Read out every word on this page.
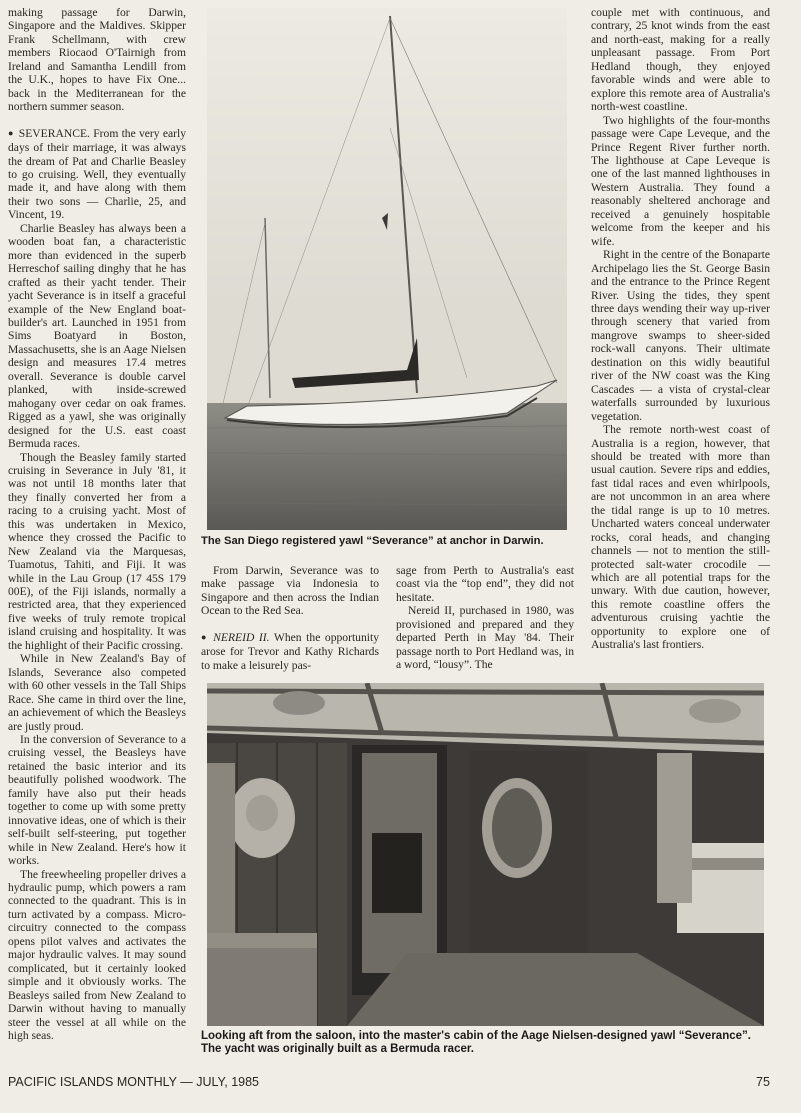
making passage for Darwin, Singapore and the Maldives. Skipper Frank Schellmann, with crew members Riocaod O'Tairnigh from Ireland and Samantha Lendill from the U.K., hopes to have Fix One... back in the Mediterranean for the northern summer season.

● SEVERANCE. From the very early days of their marriage, it was always the dream of Pat and Charlie Beasley to go cruising. Well, they eventually made it, and have along with them their two sons — Charlie, 25, and Vincent, 19.

Charlie Beasley has always been a wooden boat fan, a characteristic more than evidenced in the superb Herreschof sailing dinghy that he has crafted as their yacht tender. Their yacht Severance is in itself a graceful example of the New England boat-builder's art. Launched in 1951 from Sims Boatyard in Boston, Massachusetts, she is an Aage Nielsen design and measures 17.4 metres overall. Severance is double carvel planked, with inside-screwed mahogany over cedar on oak frames. Rigged as a yawl, she was originally designed for the U.S. east coast Bermuda races.

Though the Beasley family started cruising in Severance in July '81, it was not until 18 months later that they finally converted her from a racing to a cruising yacht. Most of this was undertaken in Mexico, whence they crossed the Pacific to New Zealand via the Marquesas, Tuamotus, Tahiti, and Fiji. It was while in the Lau Group (17 45S 179 00E), of the Fiji islands, normally a restricted area, that they experienced five weeks of truly remote tropical island cruising and hospitality. It was the highlight of their Pacific crossing.

While in New Zealand's Bay of Islands, Severance also competed with 60 other vessels in the Tall Ships Race. She came in third over the line, an achievement of which the Beasleys are justly proud.

In the conversion of Severance to a cruising vessel, the Beasleys have retained the basic interior and its beautifully polished woodwork. The family have also put their heads together to come up with some pretty innovative ideas, one of which is their self-built self-steering, put together while in New Zealand. Here's how it works.

The freewheeling propeller drives a hydraulic pump, which powers a ram connected to the quadrant. This is in turn activated by a compass. Micro-circuitry connected to the compass opens pilot valves and activates the major hydraulic valves. It may sound complicated, but it certainly looked simple and it obviously works. The Beasleys sailed from New Zealand to Darwin without having to manually steer the vessel at all while on the high seas.

The San Diego registered yawl “Severance” at anchor in Darwin.

From Darwin, Severance was to make passage via Indonesia to Singapore and then across the Indian Ocean to the Red Sea.

● NEREID II. When the opportunity arose for Trevor and Kathy Richards to make a leisurely pas-

sage from Perth to Australia's east coast via the “top end”, they did not hesitate.

Nereid II, purchased in 1980, was provisioned and prepared and they departed Perth in May '84. Their passage north to Port Hedland was, in a word, “lousy”. The

couple met with continuous, and contrary, 25 knot winds from the east and north-east, making for a really unpleasant passage. From Port Hedland though, they enjoyed favorable winds and were able to explore this remote area of Australia's north-west coastline.

Two highlights of the four-months passage were Cape Leveque, and the Prince Regent River further north. The lighthouse at Cape Leveque is one of the last manned lighthouses in Western Australia. They found a reasonably sheltered anchorage and received a genuinely hospitable welcome from the keeper and his wife.

Right in the centre of the Bonaparte Archipelago lies the St. George Basin and the entrance to the Prince Regent River. Using the tides, they spent three days wending their way up-river through scenery that varied from mangrove swamps to sheer-sided rock-wall canyons. Their ultimate destination on this widly beautiful river of the NW coast was the King Cascades — a vista of crystal-clear waterfalls surrounded by luxurious vegetation.

The remote north-west coast of Australia is a region, however, that should be treated with more than usual caution. Severe rips and eddies, fast tidal races and even whirlpools, are not uncommon in an area where the tidal range is up to 10 metres. Uncharted waters conceal underwater rocks, coral heads, and changing channels — not to mention the still-protected salt-water crocodile — which are all potential traps for the unwary. With due caution, however, this remote coastline offers the adventurous cruising yachtie the opportunity to explore one of Australia's last frontiers.

Looking aft from the saloon, into the master's cabin of the Aage Nielsen-designed yawl “Severance”. The yacht was originally built as a Bermuda racer.
PACIFIC ISLANDS MONTHLY — JULY, 1985	75
